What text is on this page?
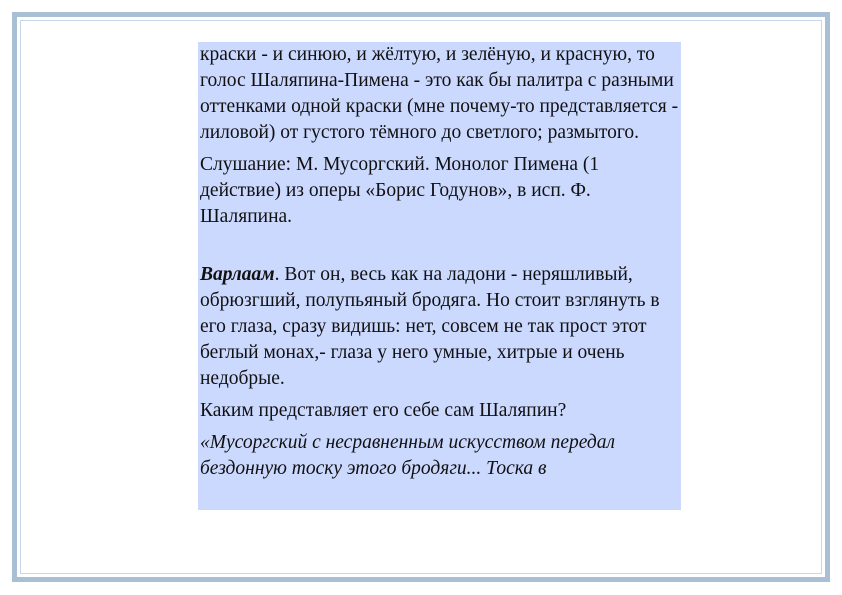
краски - и синюю, и жёлтую, и зелёную, и красную, то голос Шаляпина-Пимена - это как бы палитра с разными оттенками одной краски (мне почему-то представляется - лиловой) от густого тёмного до светлого; размытого.

Слушание: М. Мусоргский. Монолог Пимена (1 действие) из оперы «Борис Годунов», в исп. Ф. Шаляпина.

Варлаам. Вот он, весь как на ладони - неряшливый, обрюзгший, полупьяный бродяга. Но стоит взглянуть в его глаза, сразу видишь: нет, совсем не так прост этот беглый монах,- глаза у него умные, хитрые и очень недобрые.

Каким представляет его себе сам Шаляпин?

«Мусоргский с несравненным искусством передал бездонную тоску этого бродяги... Тоска в
